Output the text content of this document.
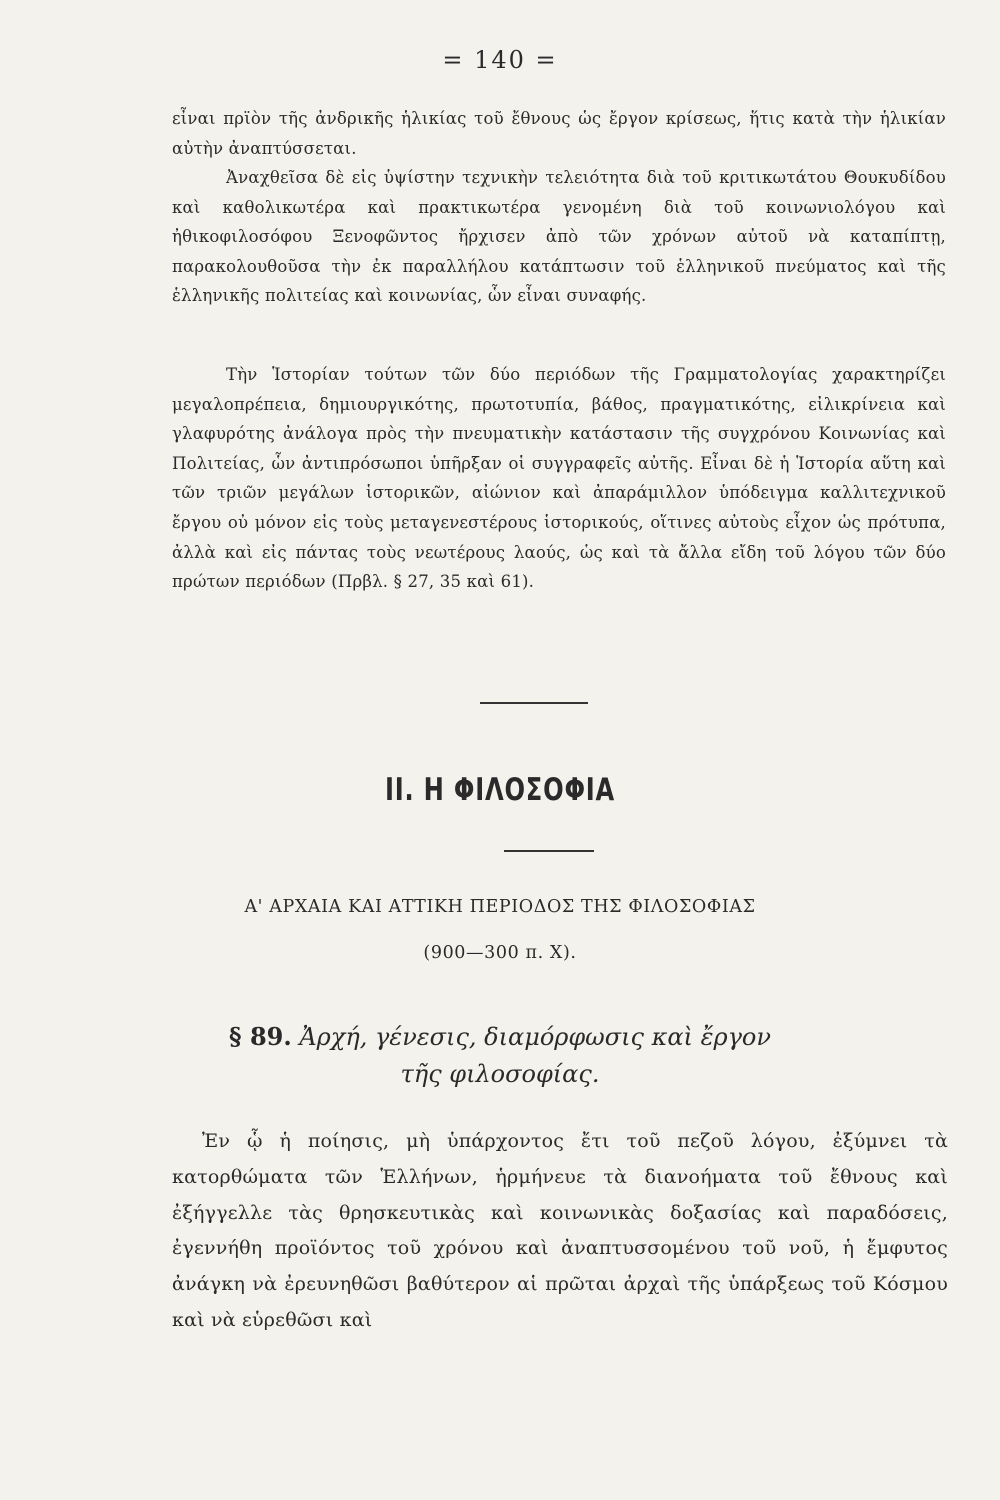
= 140 =

εἶναι πρϊὸν τῆς ἀνδρικῆς ἡλικίας τοῦ ἔθνους ὡς ἔργον κρίσεως, ἥτις κατὰ τὴν ἡλικίαν αὐτὴν ἀναπτύσσεται.

Ἀναχθεῖσα δὲ εἰς ὑψίστην τεχνικὴν τελειότητα διὰ τοῦ κριτικωτάτου Θουκυδίδου καὶ καθολικωτέρα καὶ πρακτικωτέρα γενομένη διὰ τοῦ κοινωνιολόγου καὶ ἠθικοφιλοσόφου Ξενοφῶντος ἤρχισεν ἀπὸ τῶν χρόνων αὐτοῦ νὰ καταπίπτῃ, παρακολουθοῦσα τὴν ἐκ παραλλήλου κατάπτωσιν τοῦ ἑλληνικοῦ πνεύματος καὶ τῆς ἑλληνικῆς πολιτείας καὶ κοινωνίας, ὧν εἶναι συναφής.

Τὴν Ἱστορίαν τούτων τῶν δύο περιόδων τῆς Γραμματολογίας χαρακτηρίζει μεγαλοπρέπεια, δημιουργικότης, πρωτοτυπία, βάθος, πραγματικότης, εἰλικρίνεια καὶ γλαφυρότης ἀνάλογα πρὸς τὴν πνευματικὴν κατάστασιν τῆς συγχρόνου Κοινωνίας καὶ Πολιτείας, ὧν ἀντιπρόσωποι ὑπῆρξαν οἱ συγγραφεῖς αὐτῆς. Εἶναι δὲ ἡ Ἱστορία αὕτη καὶ τῶν τριῶν μεγάλων ἱστορικῶν, αἰώνιον καὶ ἀπαράμιλλον ὑπόδειγμα καλλιτεχνικοῦ ἔργου οὐ μόνον εἰς τοὺς μεταγενεστέρους ἱστορικούς, οἵτινες αὐτοὺς εἶχον ὡς πρότυπα, ἀλλὰ καὶ εἰς πάντας τοὺς νεωτέρους λαούς, ὡς καὶ τὰ ἄλλα εἴδη τοῦ λόγου τῶν δύο πρώτων περιόδων (Πρβλ. § 27, 35 καὶ 61).

II. Η ΦΙΛΟΣΟΦΙΑ
Α' ΑΡΧΑΙΑ ΚΑΙ ΑΤΤΙΚΗ ΠΕΡΙΟΔΟΣ ΤΗΣ ΦΙΛΟΣΟΦΙΑΣ
(900—300 π. Χ).
§ 89. Ἀρχή, γένεσις, διαμόρφωσις καὶ ἔργον
τῆς φιλοσοφίας.

Ἐν ᾧ ἡ ποίησις, μὴ ὑπάρχοντος ἔτι τοῦ πεζοῦ λόγου, ἐξύμνει τὰ κατορθώματα τῶν Ἑλλήνων, ἡρμήνευε τὰ διανοήματα τοῦ ἔθνους καὶ ἐξήγγελλε τὰς θρησκευτικὰς καὶ κοινωνικὰς δοξασίας καὶ παραδόσεις, ἐγεννήθη προϊόντος τοῦ χρόνου καὶ ἀναπτυσσομένου τοῦ νοῦ, ἡ ἔμφυτος ἀνάγκη νὰ ἐρευνηθῶσι βαθύτερον αἱ πρῶται ἀρχαὶ τῆς ὑπάρξεως τοῦ Κόσμου καὶ νὰ εὑρεθῶσι καὶ
